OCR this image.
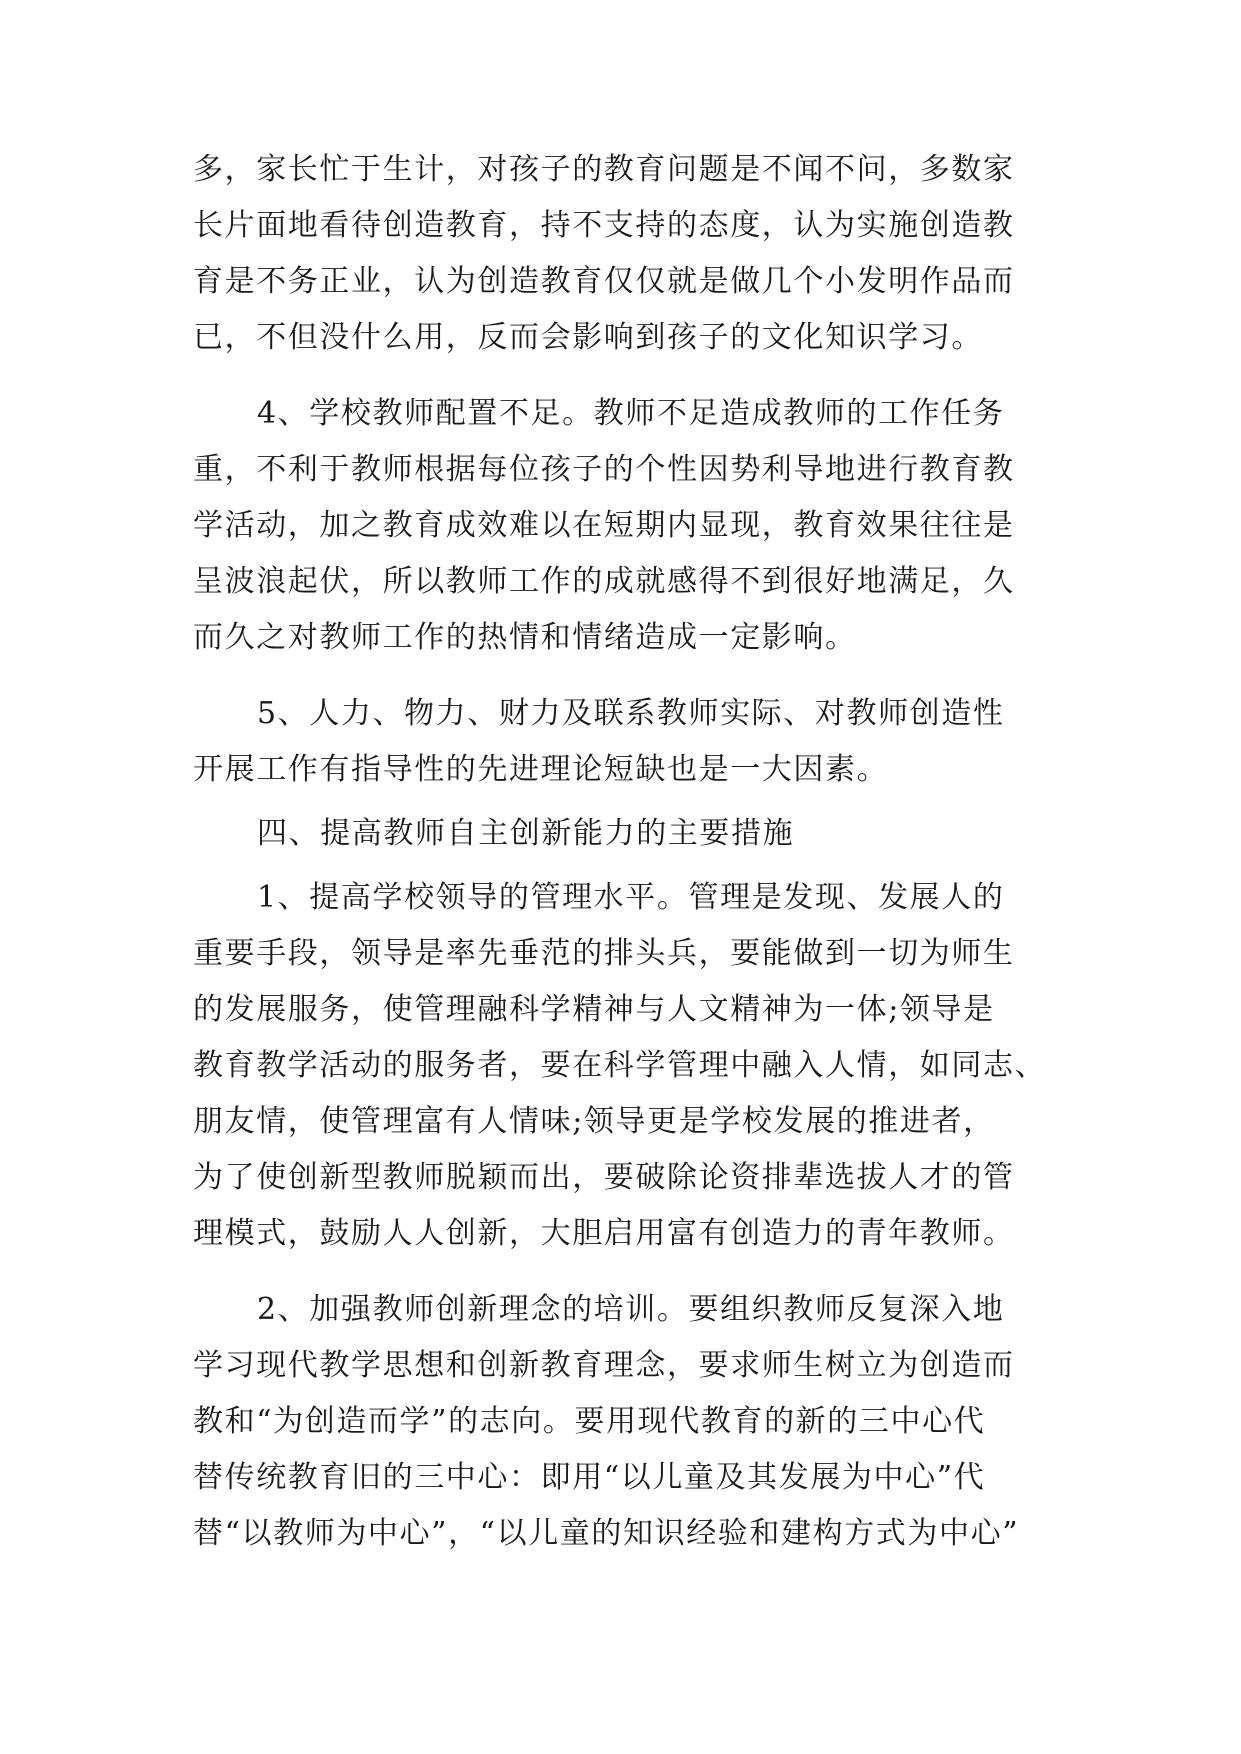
多，家长忙于生计，对孩子的教育问题是不闻不问，多数家
长片面地看待创造教育，持不支持的态度，认为实施创造教
育是不务正业，认为创造教育仅仅就是做几个小发明作品而
已，不但没什么用，反而会影响到孩子的文化知识学习。
4、学校教师配置不足。教师不足造成教师的工作任务
重，不利于教师根据每位孩子的个性因势利导地进行教育教
学活动，加之教育成效难以在短期内显现，教育效果往往是
呈波浪起伏，所以教师工作的成就感得不到很好地满足，久
而久之对教师工作的热情和情绪造成一定影响。
5、人力、物力、财力及联系教师实际、对教师创造性
开展工作有指导性的先进理论短缺也是一大因素。
四、提高教师自主创新能力的主要措施
1、提高学校领导的管理水平。管理是发现、发展人的
重要手段，领导是率先垂范的排头兵，要能做到一切为师生
的发展服务，使管理融科学精神与人文精神为一体;领导是
教育教学活动的服务者，要在科学管理中融入人情，如同志、
朋友情，使管理富有人情味;领导更是学校发展的推进者，
为了使创新型教师脱颖而出，要破除论资排辈选拔人才的管
理模式，鼓励人人创新，大胆启用富有创造力的青年教师。
2、加强教师创新理念的培训。要组织教师反复深入地
学习现代教学思想和创新教育理念，要求师生树立为创造而
教和“为创造而学”的志向。要用现代教育的新的三中心代
替传统教育旧的三中心：即用“以儿童及其发展为中心”代
替“以教师为中心”，“以儿童的知识经验和建构方式为中心”
